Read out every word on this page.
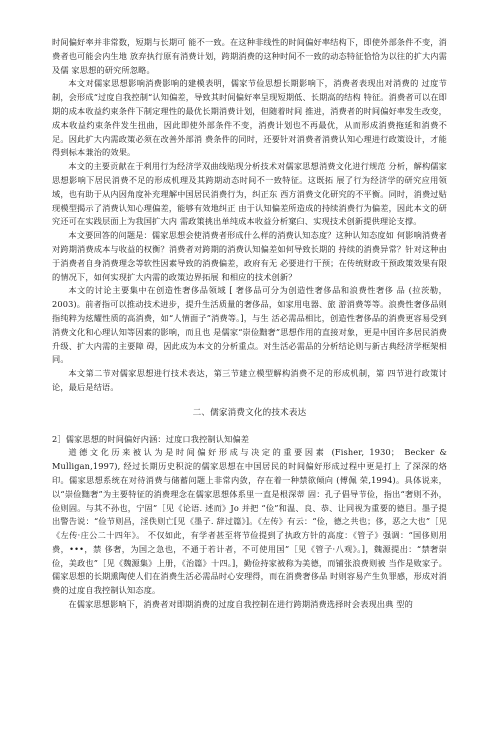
时间偏好率并非常数，短期与长期可 能不一致。在这种非线性的时间偏好率结构下，即使外部条件不变，消费者也可能会内生地 放弃执行原有消费计划，跨期消费的这种时间不一致的动态特征恰恰为以往的扩大内需及儒 家思想的研究所忽略。

本文对儒家思想影响消费影响的建模表明，儒家节俭思想长期影响下，消费者表现出对消费的 过度节制，会形成“过度自我控制“认知偏差，导致其时间偏好率呈现短期低、长期高的结构 特征。消费者可以在即期的成本收益约束条件下制定理性的最优长期消费计划，但随着时间 推进，消费者的时间偏好率发生改变，成本收益约束条件发生扭曲，因此即使外部条件不变，消费计划也不再最优，从而形成消费拖延和消费不足。因此扩大内需政策必须在改善外部消 费条件的同时，还要针对消费者消费认知心理进行政策设计，才能得到标本兼治的效果。

本文的主要贡献在于利用行为经济学双曲线贴现分析技术对儒家思想消费文化进行规范 分析，解构儒家思想影响下居民消费不足的形成机理及其跨期动态时间不一致特征。这既拓 展了行为经济学的研究应用领域，也有助于从内因角度补充理解中国居民消费行为，纠正东 西方消费文化研究的不平衡。同时，消费过贴现模型揭示了消费认知心理偏差，能够有效地纠正 由于认知偏差所造成的持续消费行为偏差，因此本文的研究还可在实践层面上为我国扩大内 需政策挑出单纯成本收益分析窠臼、实现技术创新提供理论支撑。

本文要回答的问题是：儒家思想会使消费者形成什么样的消费认知态度？这种认知态度如 何影响消费者对跨期消费成本与收益的权衡？消费者对跨期的消费认知偏差如何导致长期的 持续的消费异常？针对这种由于消费者自身消费理念等软性因素导致的消费偏差，政府有无 必要进行干预；在传统财政干预政策效果有限的情况下，如何实现扩大内需的政策边界拓展 和相应的技术创新？

本文的讨论主要集中在创造性奢侈品领域 [ 奢侈品可分为创造性奢侈品和浪费性奢侈 品 (拉茨勒，2003)。前者指可以推动技术进步，提升生活质量的奢侈品，如家用电器、旅 游消费等等。浪费性奢侈品则指纯粹为炫耀性质的高消费，如“人情面子”消费等。]，与生 活必需品相比，创造性奢侈品的消费更容易受到消费文化和心理认知等因素的影响，而且也 是儒家“崇俭黜奢”思想作用的直接对象，更是中国许多居民消费升级、扩大内需的主要障 碍，因此成为本文的分析重点。对生活必需品的分析结论则与新古典经济学框架相同。

本文第二节对儒家思想进行技术表达，第三节建立模型解构消费不足的形成机制，第 四节进行政策讨论，最后是结语。

二、儒家消费文化的技术表达

2］儒家思想的时间偏好内涵：过度口我控制认知偏差

道德文化历来被认为是时间偏好形成与决定的重要因素 (Fisher, 1930； Becker & Mulligan,1997), 经过长期历史积淀的儒家思想在中国居民的时间偏好形成过程中更是打上 了深深的烙印。儒家思想系统在对待消费与储蓄问题上非常内敛，存在着一种禁欲倾向 (傅佩 荣,1994)。具体说来，以“崇俭黜奢”为主要特征的消费理念在儒家思想体系里一直是根深蒂 固：孔子倡导节俭，指出“奢则不孙，俭则固。与其不孙也，宁固”［见《论语. 述而》Jo 并把 “俭”和温、良、恭、让同视为重要的德目。墨子提出警告说：“俭节则昌，淫佚则亡[见《墨子. 辞过篇》]。《左传》有云：“俭，德之共也；侈，恶之大也”［见《左传·庄公二十四年》。 不仅如此，有学者甚至将节俭提到了执政方针的高度：《管子》强调：“国侈则用费，•••，禁 侈奢，为国之急也，不通于若计者，不可使用国”［见《管子·八观》。]，魏源提出：“禁奢崇 俭，美政也”［见《魏源集》上册，《治篇》十四。]，勤俭持家被称为美德，而铺张浪费则被 当作是败家子。儒家思想的长期熏陶使人们在消费生活必需品时心安理得，而在消费奢侈品 时则容易产生负罪感，形成对消费的过度自我控制认知态度。

在儒家思想影响下，消费者对即期消费的过度自我控制在进行跨期消费选择时会表现出典 型的
